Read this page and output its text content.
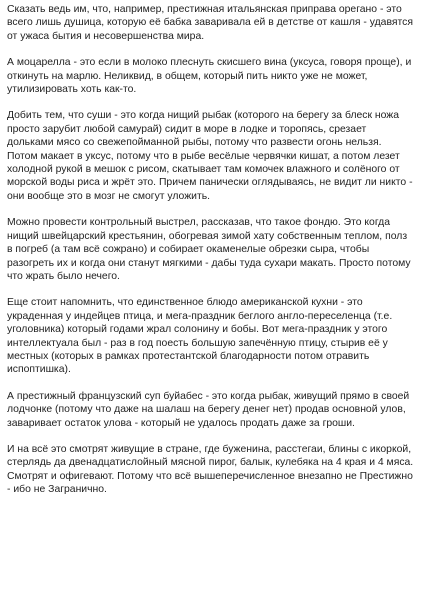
Сказать ведь им, что, например, престижная итальянская приправа орегано - это всего лишь душица, которую её бабка заваривала ей в детстве от кашля - удавятся от ужаса бытия и несовершенства мира.

А моцарелла - это если в молоко плеснуть скисшего вина (уксуса, говоря проще), и откинуть на марлю. Неликвид, в общем, который пить никто уже не может, утилизировать хоть как-то.

Добить тем, что суши - это когда нищий рыбак (которого на берегу за блеск ножа просто зарубит любой самурай) сидит в море в лодке и торопясь, срезает дольками мясо со свежепойманной рыбы, потому что развести огонь нельзя. Потом макает в уксус, потому что в рыбе весёлые червячки кишат, а потом лезет холодной рукой в мешок с рисом, скатывает там комочек влажного и солёного от морской воды риса и жрёт это. Причем панически оглядываясь, не видит ли никто - они вообще это в мозг не смогут уложить.

Можно провести контрольный выстрел, рассказав, что такое фондю. Это когда нищий швейцарский крестьянин, обогревая зимой хату собственным теплом, полз в погреб (а там всё сожрано) и собирает окаменелые обрезки сыра, чтобы разогреть их и когда они станут мягкими - дабы туда сухари макать. Просто потому что жрать было нечего.

Еще стоит напомнить, что единственное блюдо американской кухни - это украденная у индейцев птица, и мега-праздник беглого англо-переселенца (т.е. уголовника) который годами жрал солонину и бобы. Вот мега-праздник у этого интеллектуала был - раз в год поесть большую запечённую птицу, стырив её у местных (которых в рамках протестантской благодарности потом отравить испоптишка).

А престижный французский суп буйабес - это когда рыбак, живущий прямо в своей лодчонке (потому что даже на шалаш на берегу денег нет) продав основной улов, заваривает остаток улова - который не удалось продать даже за гроши.

И на всё это смотрят живущие в стране, где буженина, расстегаи, блины с икоркой, стерлядь да двенадцатислойный мясной пирог, балык, кулебяка на 4 края и 4 мяса. Смотрят и офигевают. Потому что всё вышеперечисленное внезапно не Престижно - ибо не Загранично.
